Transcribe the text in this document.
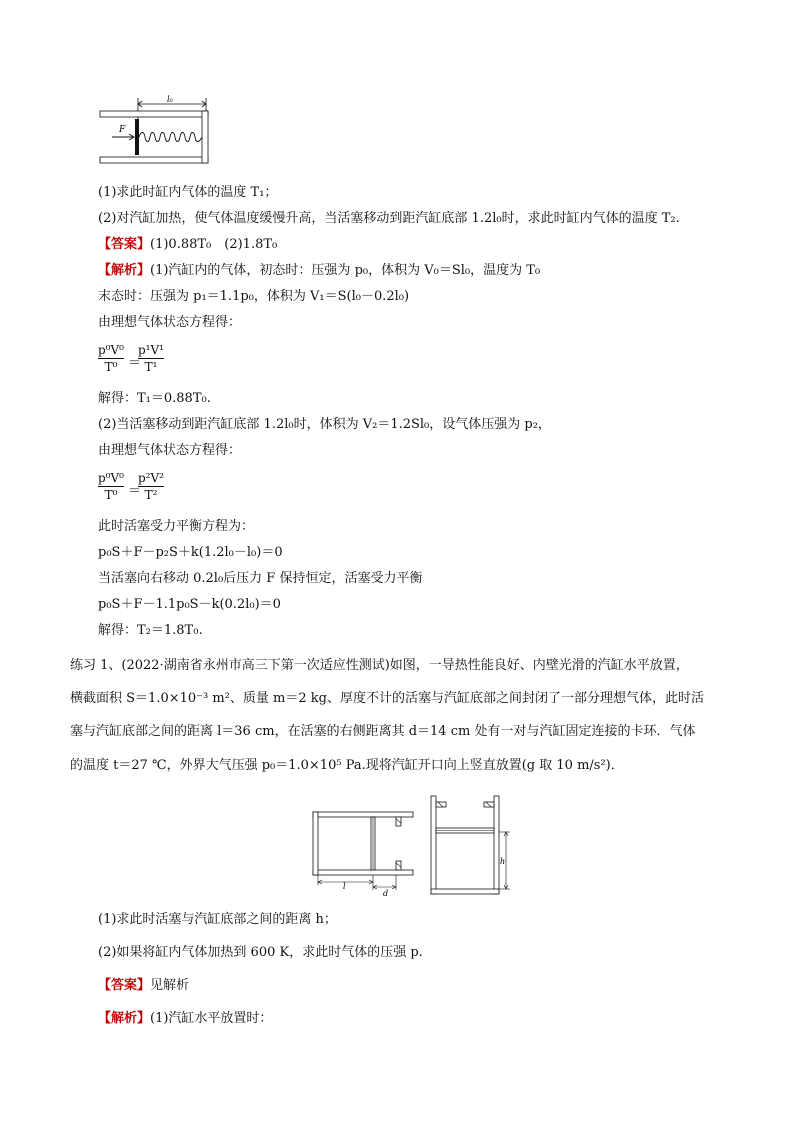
l₀
F
(1)求此时缸内气体的温度 T₁；
(2)对汽缸加热，使气体温度缓慢升高，当活塞移动到距汽缸底部 1.2l₀时，求此时缸内气体的温度 T₂.
【答案】(1)0.88T₀　(2)1.8T₀
【解析】(1)汽缸内的气体，初态时：压强为 p₀，体积为 V₀＝Sl₀，温度为 T₀
末态时：压强为 p₁＝1.1p₀，体积为 V₁＝S(l₀－0.2l₀)
由理想气体状态方程得：
p⁰V⁰
T⁰ ＝
p¹V¹
T¹
解得：T₁＝0.88T₀.
(2)当活塞移动到距汽缸底部 1.2l₀时，体积为 V₂＝1.2Sl₀，设气体压强为 p₂，
由理想气体状态方程得：
p⁰V⁰
T⁰ ＝
p²V²
T²
此时活塞受力平衡方程为：
p₀S＋F－p₂S＋k(1.2l₀－l₀)＝0
当活塞向右移动 0.2l₀后压力 F 保持恒定，活塞受力平衡
p₀S＋F－1.1p₀S－k(0.2l₀)＝0
解得：T₂＝1.8T₀.
练习 1、(2022·湖南省永州市高三下第一次适应性测试)如图，一导热性能良好、内壁光滑的汽缸水平放置，
横截面积 S＝1.0×10⁻³ m²、质量 m＝2 kg、厚度不计的活塞与汽缸底部之间封闭了一部分理想气体，此时活
塞与汽缸底部之间的距离 l＝36 cm，在活塞的右侧距离其 d＝14 cm 处有一对与汽缸固定连接的卡环．气体
的温度 t＝27 ℃，外界大气压强 p₀＝1.0×10⁵ Pa.现将汽缸开口向上竖直放置(g 取 10 m/s²)．
l
d
h
(1)求此时活塞与汽缸底部之间的距离 h；
(2)如果将缸内气体加热到 600 K，求此时气体的压强 p.
【答案】见解析
【解析】(1)汽缸水平放置时：
